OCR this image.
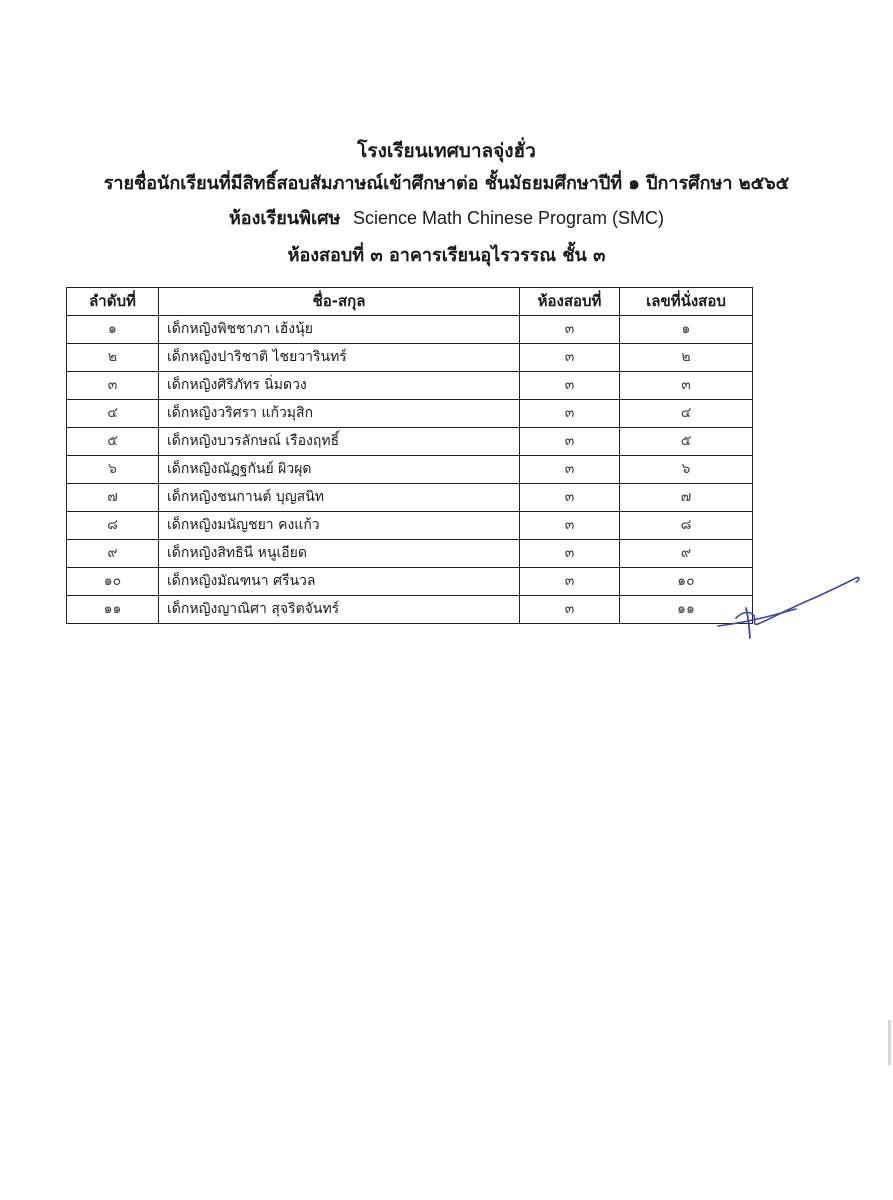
โรงเรียนเทศบาลจุ่งฮั่ว
รายชื่อนักเรียนที่มีสิทธิ์สอบสัมภาษณ์เข้าศึกษาต่อ ชั้นมัธยมศึกษาปีที่ ๑ ปีการศึกษา ๒๕๖๕
ห้องเรียนพิเศษ Science Math Chinese Program (SMC)
ห้องสอบที่ ๓ อาคารเรียนอุไรวรรณ ชั้น ๓
ลำดับที่	ชื่อ-สกุล	ห้องสอบที่	เลขที่นั่งสอบ
๑	เด็กหญิงพิชชาภา เฮ้งนุ้ย	๓	๑
๒	เด็กหญิงปาริชาติ ไชยวารินทร์	๓	๒
๓	เด็กหญิงศิริภัทร นิ่มดวง	๓	๓
๔	เด็กหญิงวริศรา แก้วมุสิก	๓	๔
๕	เด็กหญิงบวรลักษณ์ เรืองฤทธิ์	๓	๕
๖	เด็กหญิงณัฏฐกันย์ ผิวผุด	๓	๖
๗	เด็กหญิงชนกานต์ บุญสนิท	๓	๗
๘	เด็กหญิงมนัญชยา คงแก้ว	๓	๘
๙	เด็กหญิงสิทธินี หนูเอียด	๓	๙
๑๐	เด็กหญิงมัณฑนา ศรีนวล	๓	๑๐
๑๑	เด็กหญิงญาณิศา สุจริตจันทร์	๓	๑๑
